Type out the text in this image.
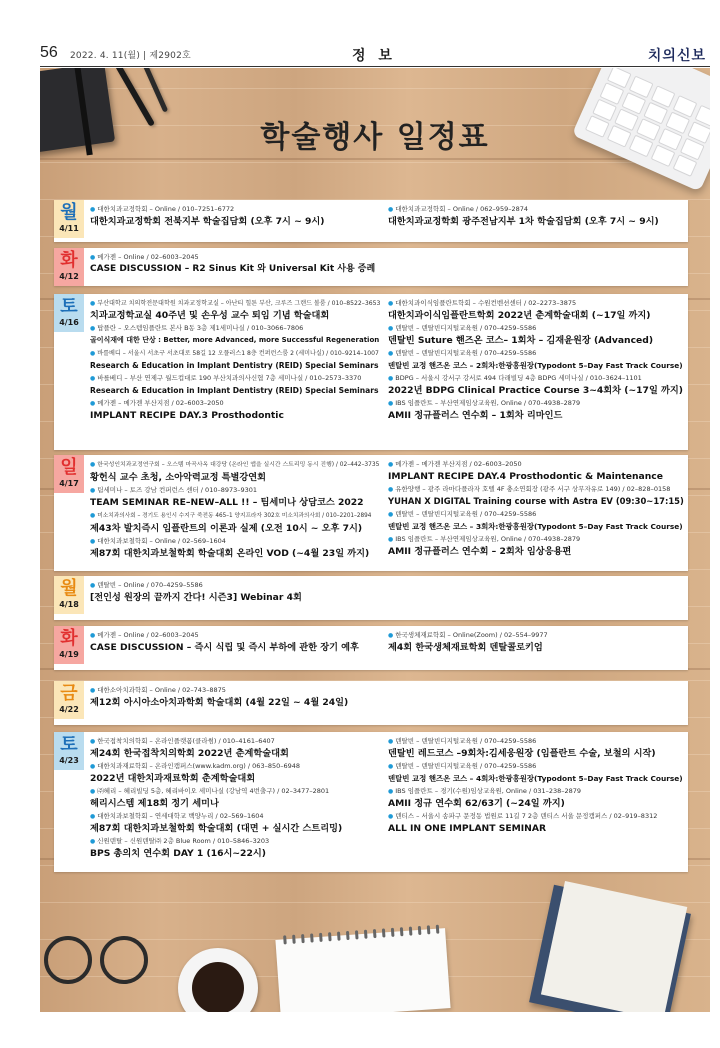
56 2022. 4. 11(월) | 제2902호	정 보	치의신보
학술행사 일정표
월
4/11
● 대한치과교정학회 – Online / 010–7251–6772
대한치과교정학회 전북지부 학술집담회 (오후 7시 ~ 9시)
● 대한치과교정학회 – Online / 062–959–2874
대한치과교정학회 광주전남지부 1차 학술집담회 (오후 7시 ~ 9시)
화
4/12
● 메가젠 – Online / 02–6003–2045
CASE DISCUSSION – R2 Sinus Kit 와 Universal Kit 사용 증례
토
4/16
● 부산대학교 치의학전문대학원 치과교정학교실 – 아난티 힐튼 부산, 크루즈 그랜드 볼룸 / 010–8522–3653
치과교정학교실 40주년 및 손우성 교수 퇴임 기념 학술대회
● 탑플란 – 오스템임플란트 본사 B동 3층 제1세미나실 / 010–3066–7806
골이식재에 대한 단상 : Better, more Advanced, more Successful Regeneration
● 바를베디 – 서울시 서초구 서초대로 58길 12 오플러스1 8층 컨퍼런스룸 2 (세미나실) / 010–9214–1007
Research & Education in Implant Dentistry (REID) Special Seminars
● 바를베디 – 부산 연제구 월드컵대로 190 부산치과의사신협 7층 세미나실 / 010–2573–3370
Research & Education in Implant Dentistry (REID) Special Seminars
● 메가젠 – 메가젠 부산지점 / 02–6003–2050
IMPLANT RECIPE DAY.3 Prosthodontic
● 대한치과이식임플란트학회 – 수원컨벤션센터 / 02–2273–3875
대한치과이식임플란트학회 2022년 춘계학술대회 (~17일 까지)
● 덴탈빈 – 덴탈빈디지털교육원 / 070–4259–5586
덴탈빈 Suture 핸즈온 코스– 1회차 – 김재윤원장 (Advanced)
● 덴탈빈 – 덴탈빈디지털교육원 / 070–4259–5586
덴탈빈 교정 핸즈온 코스 – 2회차:한광흥원장(Typodont 5–Day Fast Track Course)
● BDPG – 서울시 강서구 강서로 494 다래빌딩 4층 BDPG 세미나실 / 010–3624–1101
2022년 BDPG Clinical Practice Course 3~4회차 (~17일 까지)
● IBS 임플란트 – 부산연제임상교육원, Online / 070–4938–2879
AMII 정규플러스 연수회 – 1회차 리마인드
일
4/17
● 한국성인치과교정연구회 – 오스템 마곡사옥 대강당 (온라인 앱을 실시간 스트리밍 동시 진행) / 02–442–3735
황헌식 교수 초청, 소아악력교정 특별강연회
● 팀세미나 – 토즈 강남 컨퍼런스 센터 / 010–8973–9301
TEAM SEMINAR RE–NEW–ALL !! – 팀세미나 상담코스 2022
● 미소치과의사회 – 경기도 용인시 수지구 죽전동 465–1 양지프라자 302호 미소치과의사회 / 010–2201–2894
제43차 발치즉시 임플란트의 이론과 실제 (오전 10시 ~ 오후 7시)
● 대한치과보철학회 – Online / 02–569–1604
제87회 대한치과보철학회 학술대회 온라인 VOD (~4월 23일 까지)
● 메가젠 – 메가젠 부산지점 / 02–6003–2050
IMPLANT RECIPE DAY.4 Prosthodontic & Maintenance
● 유한양행 – 광주 라마다플라자 호텔 4F 충소연회장 (광주 서구 상무자유로 149) / 02–828–0158
YUHAN X DIGITAL Training course with Astra EV (09:30~17:15)
● 덴탈빈 – 덴탈빈디지털교육원 / 070–4259–5586
덴탈빈 교정 핸즈온 코스 – 3회차:한광흥원장(Typodont 5–Day Fast Track Course)
● IBS 임플란트 – 부산연제임상교육원, Online / 070–4938–2879
AMII 정규플러스 연수회 – 2회차 임상응용편
월
4/18
● 덴탈빈 – Online / 070–4259–5586
[전인성 원장의 끝까지 간다! 시즌3] Webinar 4회
화
4/19
● 메가젠 – Online / 02–6003–2045
CASE DISCUSSION – 즉시 식립 및 즉시 부하에 관한 장기 예후
● 한국생체재료학회 – Online(Zoom) / 02–554–9977
제4회 한국생체재료학회 덴탈콜로키엄
금
4/22
● 대한소아치과학회 – Online / 02–743–8875
제12회 아시아소아치과학회 학술대회 (4월 22일 ~ 4월 24일)
토
4/23
● 한국접착치의학회 – 온라인플랫폼(클라썸) / 010–4161–6407
제24회 한국접착치의학회 2022년 춘계학술대회
● 대한치과재료학회 – 온라인캠퍼스(www.kadm.org) / 063–850–6948
2022년 대한치과재료학회 춘계학술대회
● ㈜혜리 – 혜리빌딩 5층, 혜리바이오 세미나실 (강남역 4번출구) / 02–3477–2801
헤리시스템 제18회 정기 세미나
● 대한치과보철학회 – 연세대학교 백양누리 / 02–569–1604
제87회 대한치과보철학회 학술대회 (대면 + 실시간 스트리밍)
● 신원덴탈 – 신원덴탈㈜ 2층 Blue Room / 010–5846–3203
BPS 총의치 연수회 DAY 1 (16시~22시)
● 덴탈빈 – 덴탈빈디지털교육원 / 070–4259–5586
덴탈빈 레드코스 –9회차:김세웅원장 (임플란트 수술, 보철의 시작)
● 덴탈빈 – 덴탈빈디지털교육원 / 070–4259–5586
덴탈빈 교정 핸즈온 코스 – 4회차:한광흥원장(Typodont 5–Day Fast Track Course)
● IBS 임플란트 – 경기(수원)임상교육원, Online / 031–238–2879
AMII 정규 연수회 62/63기 (~24일 까지)
● 덴티스 – 서울시 송파구 문정동 법원로 11길 7 2층 덴티스 서울 문정캠퍼스 / 02–919–8312
ALL IN ONE IMPLANT SEMINAR
